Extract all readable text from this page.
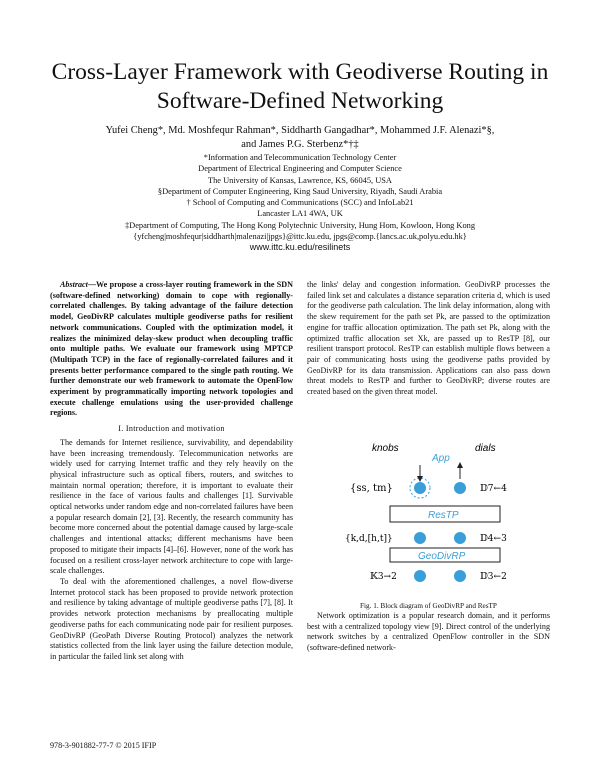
Cross-Layer Framework with Geodiverse Routing in
Software-Defined Networking
Yufei Cheng*, Md. Moshfequr Rahman*, Siddharth Gangadhar*, Mohammed J.F. Alenazi*§,
and James P.G. Sterbenz*†‡
*Information and Telecommunication Technology Center
Department of Electrical Engineering and Computer Science
The University of Kansas, Lawrence, KS, 66045, USA
§Department of Computer Engineering, King Saud University, Riyadh, Saudi Arabia
† School of Computing and Communications (SCC) and InfoLab21
Lancaster LA1 4WA, UK
‡Department of Computing, The Hong Kong Polytechnic University, Hung Hom, Kowloon, Hong Kong
{yfcheng|moshfequr|siddharth|malenazi|jpgs}@ittc.ku.edu, jpgs@comp.{lancs.ac.uk,polyu.edu.hk}
www.ittc.ku.edu/resilinets

Abstract—We propose a cross-layer routing framework in the SDN (software-defined networking) domain to cope with regionally-correlated challenges. By taking advantage of the failure detection model, GeoDivRP calculates multiple geodiverse paths for resilient network communications. Coupled with the optimization model, it realizes the minimized delay-skew product when decoupling traffic onto multiple paths. We evaluate our framework using MPTCP (Multipath TCP) in the face of regionally-correlated failures and it presents better performance compared to the single path routing. We further demonstrate our web framework to automate the OpenFlow experiment by programmatically importing network topologies and execute challenge emulations using the user-provided challenge regions.

I. Introduction and motivation

The demands for Internet resilience, survivability, and dependability have been increasing tremendously. Telecommunication networks are widely used for carrying Internet traffic and they rely heavily on the physical infrastructure such as optical fibers, routers, and switches to maintain normal operation; therefore, it is important to evaluate their resilience in the face of various faults and challenges [1]. Survivable optical networks under random edge and non-correlated failures have been a popular research domain [2], [3]. Recently, the research community has become more concerned about the potential damage caused by large-scale challenges and intentional attacks; different mechanisms have been proposed to mitigate their impacts [4]–[6]. However, none of the work has focused on a resilient cross-layer network architecture to cope with large-scale challenges.

To deal with the aforementioned challenges, a novel flow-diverse Internet protocol stack has been proposed to provide network protection and resilience by taking advantage of multiple geodiverse paths [7], [8]. It provides network protection mechanisms by preallocating multiple geodiverse paths for each communicating node pair for resilient purposes. GeoDivRP (GeoPath Diverse Routing Protocol) analyzes the network statistics collected from the link layer using the failure detection module, in particular the failed link set along with

the links' delay and congestion information. GeoDivRP processes the failed link set and calculates a distance separation criteria d, which is used for the geodiverse path calculation. The link delay information, along with the skew requirement for the path set Pk, are passed to the optimization engine for traffic allocation optimization. The path set Pk, along with the optimized traffic allocation set Xk, are passed up to ResTP [8], our resilient transport protocol. ResTP can establish multiple flows between a pair of communicating hosts using the geodiverse paths provided by GeoDivRP for its data transmission. Applications can also pass down threat models to ResTP and further to GeoDivRP; diverse routes are created based on the given threat model.

knobs	dials
App
{ss, tm}	𝔻7←4
ResTP
{k,d,[h,t]}	𝔻4←3
GeoDivRP
𝕂3→2	𝔻3←2
Fig. 1. Block diagram of GeoDivRP and ResTP

Network optimization is a popular research domain, and it performs best with a centralized topology view [9]. Direct control of the underlying network switches by a centralized OpenFlow controller in the SDN (software-defined network-

978-3-901882-77-7 © 2015 IFIP
